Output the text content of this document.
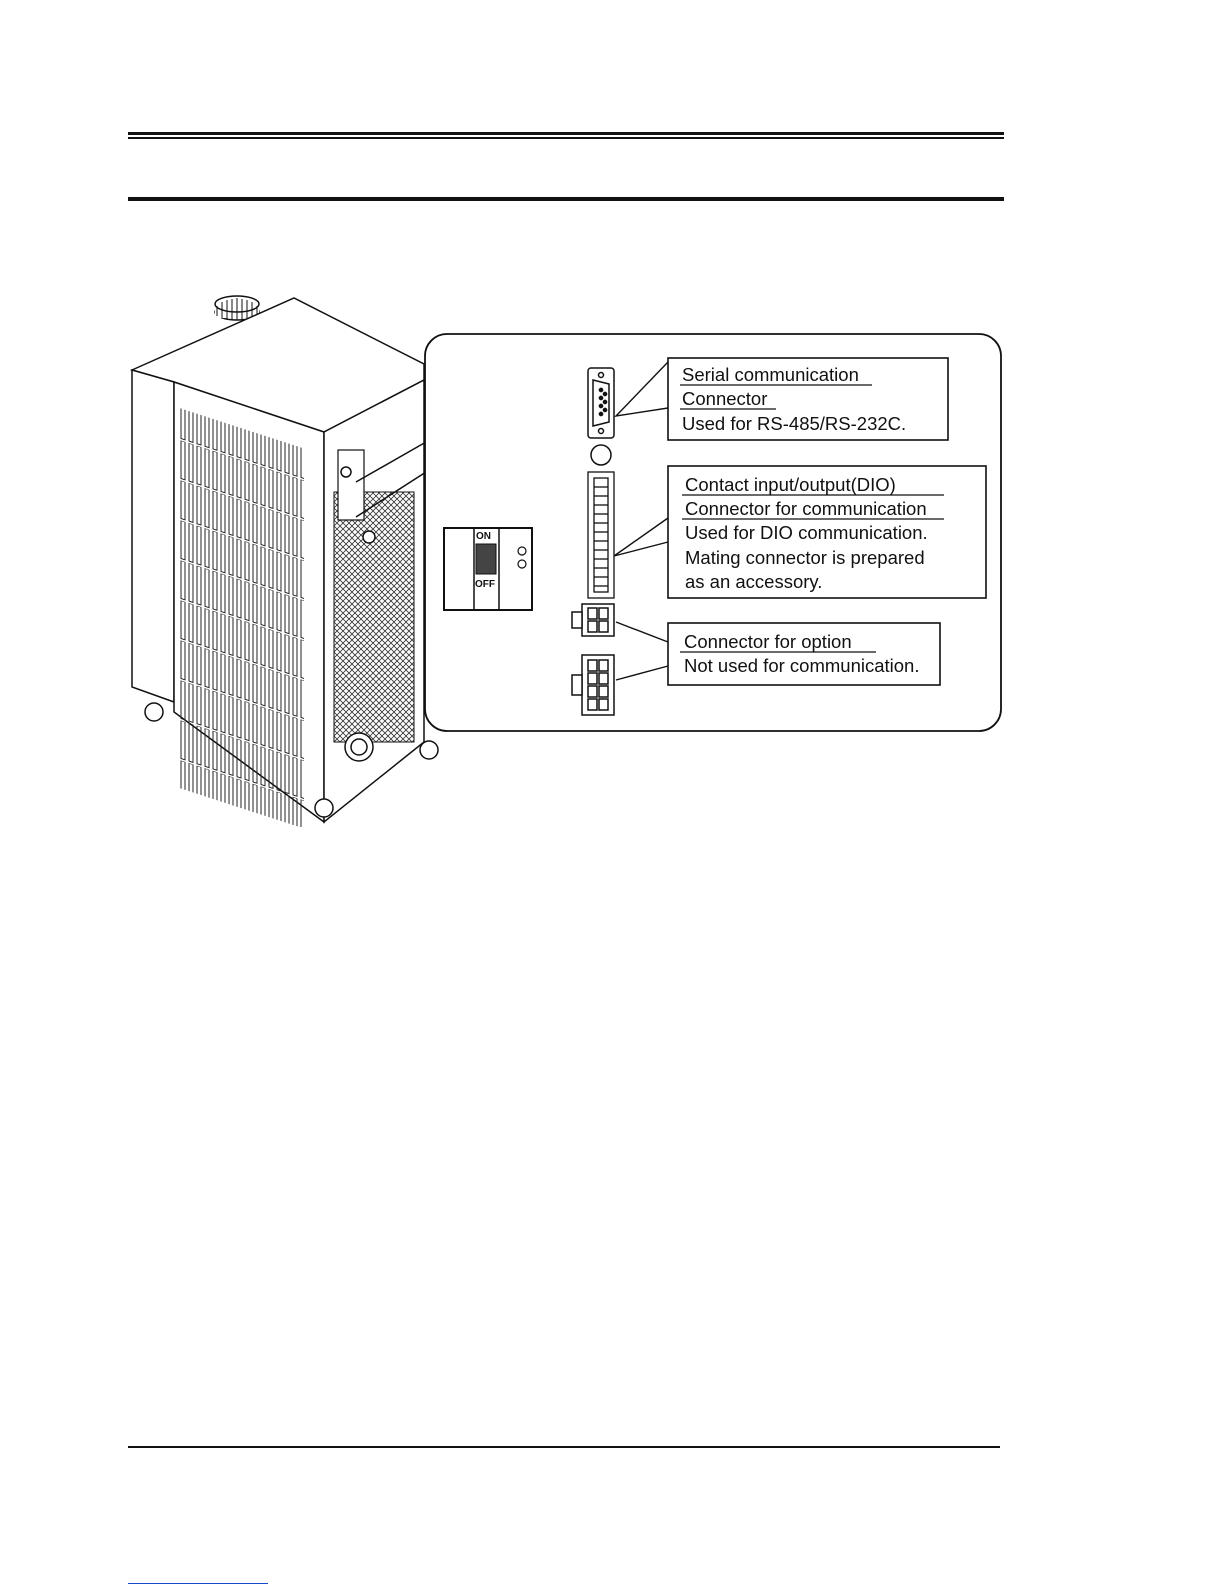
ON
OFF
Serial communication
Connector
Used for RS-485/RS-232C.
Contact input/output(DIO)
Connector for communication
Used for DIO communication.
Mating connector is prepared
as an accessory.
Connector for option
Not used for communication.
